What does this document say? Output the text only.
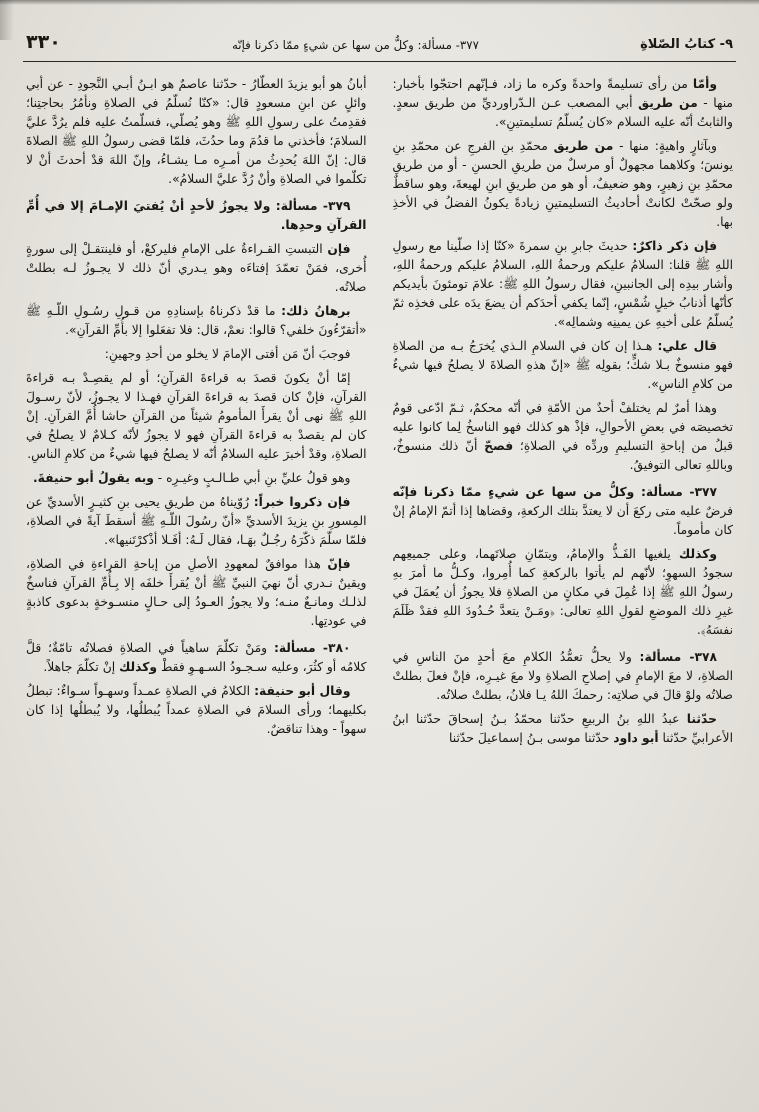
٩- كتابُ الصّلاةِ
٣٧٧- مسألة: وكلُّ من سها عن شيءٍ ممّا ذكرنا فإنّه
٣٣٠

وأمّا من رأى تسليمةً واحدةً وكره ما زاد، فـإنّهم احتجّوا بأخبار: منها - من طريق أبي المصعب عـن الـدّراورديِّ من طريق سعدٍ. والثابتُ أنّه عليه السلام «كان يُسلّمُ تسليمتينِ».

وبآثارٍ واهيةٍ: منها - من طريق محمّدِ بنِ الفرجِ عن محمّدِ بنِ يونسَ؛ وكلاهما مجهولٌ أو مرسلٌ من طريقِ الحسنِ - أو من طريقِ محمّدِ بنِ زهيرٍ، وهو ضعيفٌ، أو هو من طريقِ ابنِ لهيعةَ، وهو ساقطٌ ولو صحّتْ لكانتْ أحاديثُ التسليمتينِ زيادةً يكونُ الفضلُ في الأخذِ بها.

فإن ذكر ذاكرٌ: حديثَ جابرِ بنِ سمرةَ «كنّا إذا صلّينا مع رسولِ اللهِ ﷺ قلنا: السلامُ عليكم ورحمةُ اللهِ، السلامُ عليكم ورحمةُ اللهِ، وأشار بيدِه إلى الجانبينِ، فقال رسولُ اللهِ ﷺ: علامَ تومئونَ بأيديكم كأنّها أذنابُ خيلٍ شُمْسٍ، إنّما يكفي أحدَكم أن يضعَ يدَه على فخذِه ثمّ يُسلّمُ على أخيهِ عن يمينِه وشمالِه».

قال علي: هـذا إن كان في السلامِ الـذي يُخرَجُ بـه من الصلاةِ فهو منسوخٌ بـلا شكٍّ؛ بقولِه ﷺ «إنّ هذهِ الصلاةَ لا يصلحُ فيها شيءٌ من كلامِ الناسِ».

وهذا أمرٌ لم يختلفْ أحدٌ من الأمّةِ في أنّه محكمٌ، ثـمّ ادّعى قومٌ تخصيصَه في بعضِ الأحوالِ، فإذْ هو كذلك فهو الناسخُ لِما كانوا عليه قبلُ من إباحةِ التسليمِ وردِّه في الصلاةِ؛ فصحّ أنّ ذلك منسوخٌ، وباللهِ تعالى التوفيقُ.

٣٧٧- مسألة: وكلُّ من سها عن شيءٍ ممّا ذكرنا فإنّه فرضٌ عليه متى ركعَ أن لا يعتدَّ بتلك الركعةِ، وقضاها إذا أتمّ الإمامُ إنْ كان مأموماً.

وكذلك يلغيها الفَـذُّ والإمامُ، ويتمّانِ صلاتَهما، وعلى جميعِهم سجودُ السهوِ؛ لأنّهم لم يأتوا بالركعةِ كما أُمِروا، وكـلُّ ما أمرَ بهِ رسولُ اللهِ ﷺ إذا عُمِلَ في مكانٍ من الصلاةِ فلا يجوزُ أن يُعمَلَ في غيرِ ذلك الموضعِ لقولِ اللهِ تعالى: ﴿ومَـنْ يتعدَّ حُـدُودَ اللهِ فقدْ ظَلَمَ نفسَهُ﴾.

٣٧٨- مسألة: ولا يحلُّ تعمُّدُ الكلامِ معَ أحدٍ منَ الناسِ في الصلاةِ، لا معَ الإمامِ في إصلاحِ الصلاةِ ولا معَ غيـرِه، فإنْ فعلَ بطلتْ صلاتُه ولوْ قالَ في صلاتِه: رحمكَ اللهُ يـا فلانُ، بطلتْ صلاتُه.

حدّثنا عبدُ اللهِ بنُ الربيعِ حدّثنا محمّدُ بـنُ إسحاقَ حدّثنا ابنُ الأعرابيِّ حدّثنا أبو داود حدّثنا موسى بـنُ إسماعيلَ حدّثنا

أبانُ هو أبو يزيدَ العطّارُ - حدّثنا عاصمٌ هو ابـنُ أبـي النَّجودِ - عن أبي وائلٍ عن ابنِ مسعودٍ قال: «كنّا نُسلّمُ في الصلاةِ ونأمُرُ بحاجتِنا؛ فقدِمتُ على رسولِ اللهِ ﷺ وهو يُصلّي، فسلّمتُ عليه فلم يرُدَّ عليَّ السلامَ؛ فأخذني ما قدُمَ وما حدُثَ، فلمّا قضى رسولُ اللهِ ﷺ الصلاةَ قال: إنّ اللهَ يُحدِثُ من أمـرِه مـا يشـاءُ، وإنّ اللهَ قدْ أحدثَ أنْ لا تكلّموا في الصلاةِ وأنْ رُدَّ عليَّ السلامُ».

٣٧٩- مسألة: ولا يجوزُ لأحدٍ أنْ يُفتيَ الإمـامَ إلا في أُمِّ القرآنِ وحدِها.

فإن التبستِ القـراءةُ على الإمامِ فليركعْ، أو فلينتقـلْ إلى سورةٍ أُخرى، فمَنْ تعمّدَ إفتاءَه وهو يـدري أنّ ذلك لا يجـوزُ لـه بطلتْ صلاتُه.

برهانُ ذلك: ما قدْ ذكرناهُ بإسنادِهِ من قـولِ رسُـولِ اللّـهِ ﷺ «أتقرّءُونَ خلفي؟ قالوا: نعمْ، قال: فلا تفعَلوا إلا بأُمِّ القرآنِ».

فوجبَ أنّ مَن أفتى الإمامَ لا يخلو من أحدِ وجهينِ:

إمّا أنْ يكونَ قصدَ به قراءةَ القرآنِ؛ أو لم يقصِـدْ بـه قراءةَ القرآنِ، فإنْ كان قصدَ به قراءةَ القرآنِ فهـذا لا يجـوزُ، لأنّ رسـولَ اللهِ ﷺ نهى أنْ يقرأَ المأمومُ شيئاً من القرآنِ حاشا أُمَّ القرآنِ. إنْ كان لم يقصدْ به قراءةَ القرآنِ فهو لا يجوزُ لأنّه كـلامٌ لا يصلحُ في الصلاةِ، وقدْ أخبرَ عليه السلامُ أنّه لا يصلحُ فيها شيءٌ من كلامِ الناسِ.

وهو قولُ عليِّ بنِ أبي طـالـبٍ وغيـرِه - وبه يقولُ أبو حنيفةَ.

فإن ذكروا خبراً: رُوّيناهُ من طريقِ يحيى بنِ كثيـرٍ الأسديِّ عن المِسورِ بنِ يزيدَ الأسديِّ «أنّ رسُولَ اللّـهِ ﷺ أسقطَ آيةً في الصلاةِ، فلمّا سلّمَ ذكّرَهُ رجُـلٌ بهَـا، فقال لَـهُ: أفَـلا أذْكرْتَنيها».

فإنّ هذا موافقٌ لمعهودِ الأصلِ من إباحةِ القراءةِ في الصلاةِ، ويقينٌ نـدري أنّ نهيَ النبيِّ ﷺ أنْ يُقرأَ خلفَه إلا بِـأُمِّ القرآنِ فناسخٌ لذلـك ومانـعٌ منـه؛ ولا يجوزُ العـودُ إلى حـالٍ منسـوخةٍ بدعوى كاذبةٍ في عودتِها.

٣٨٠- مسألة: ومَنْ تكلّمَ ساهياً في الصلاةِ فصلاتُه تامّةٌ؛ قلَّ كلامُه أو كثُرَ، وعليه سـجـودُ السـهـوِ فقطْ وكذلك إنْ تكلّمَ جاهلاً.

وقال أبو حنيفة: الكلامُ في الصلاةِ عمـداً وسهـواً سـواءٌ: تبطلُ بكليهما؛ ورأى السلامَ في الصلاةِ عمداً يُبطلُها، ولا يُبطلُها إذا كان سهواً - وهذا تناقضٌ.
